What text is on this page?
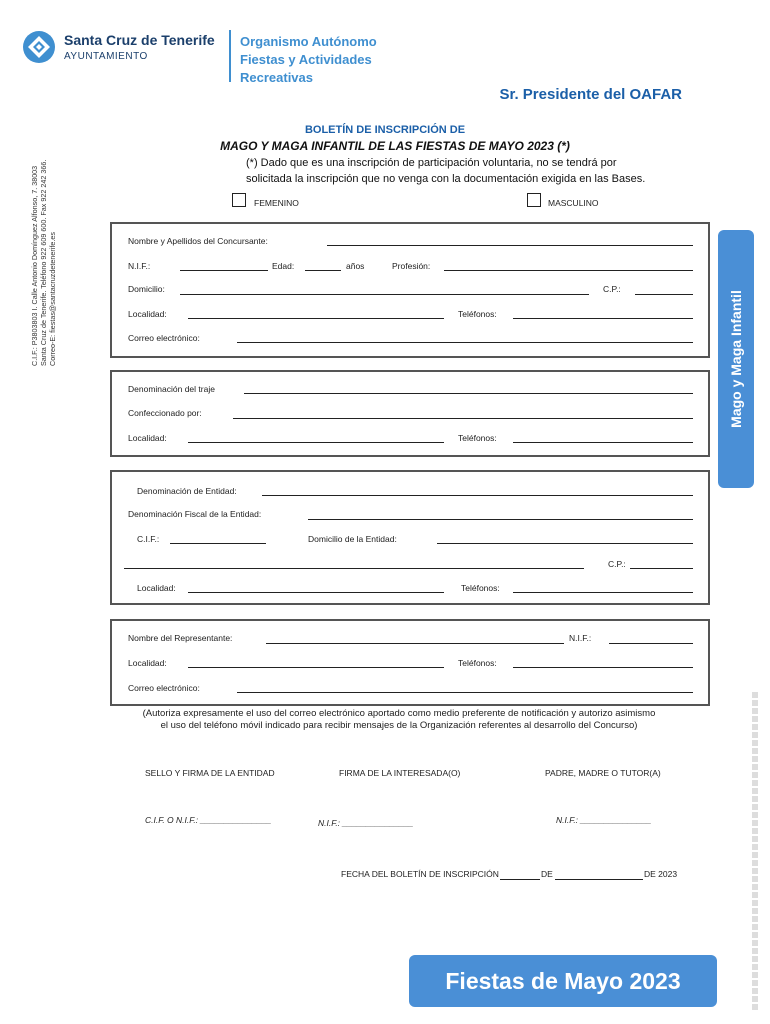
Santa Cruz de Tenerife
AYUNTAMIENTO
Organismo Autónomo
Fiestas y Actividades
Recreativas
Sr. Presidente del OAFAR
C.I.F.: P3803803 I. Calle Antonio Domínguez Alfonso, 7. 38003 Santa Cruz de Tenerife. Teléfono 922 609 600. Fax 922 242 366. Correo-E: fiestas@santacruzdetenerife.es
BOLETÍN DE INSCRIPCIÓN DE
MAGO Y MAGA INFANTIL DE LAS FIESTAS DE MAYO 2023 (*)
(*) Dado que es una inscripción de participación voluntaria, no se tendrá por
solicitada la inscripción que no venga con la documentación exigida en las Bases.
FEMENINO	MASCULINO
Nombre y Apellidos del Concursante:
N.I.F.:	Edad:	años	Profesión:
Domicilio:	C.P.:
Localidad:	Teléfonos:
Correo electrónico:
Denominación del traje
Confeccionado por:
Localidad:	Teléfonos:
Denominación de Entidad:
Denominación Fiscal de la Entidad:
C.I.F.:	Domicilio de la Entidad:
C.P.:
Localidad:	Teléfonos:
Nombre del Representante:	N.I.F.:
Localidad:	Teléfonos:
Correo electrónico:
Mago y Maga Infantil
(Autoriza expresamente el uso del correo electrónico aportado como medio preferente de notificación y autorizo asimismo
el uso del teléfono móvil indicado para recibir mensajes de la Organización referentes al desarrollo del Concurso)
SELLO Y FIRMA DE LA ENTIDAD	FIRMA DE LA INTERESADA(O)	PADRE, MADRE O TUTOR(A)
C.I.F. O N.I.F.: _______________	N.I.F.: _______________	N.I.F.: _______________
FECHA DEL BOLETÍN DE INSCRIPCIÓN	DE	DE 2023
Fiestas de Mayo 2023
